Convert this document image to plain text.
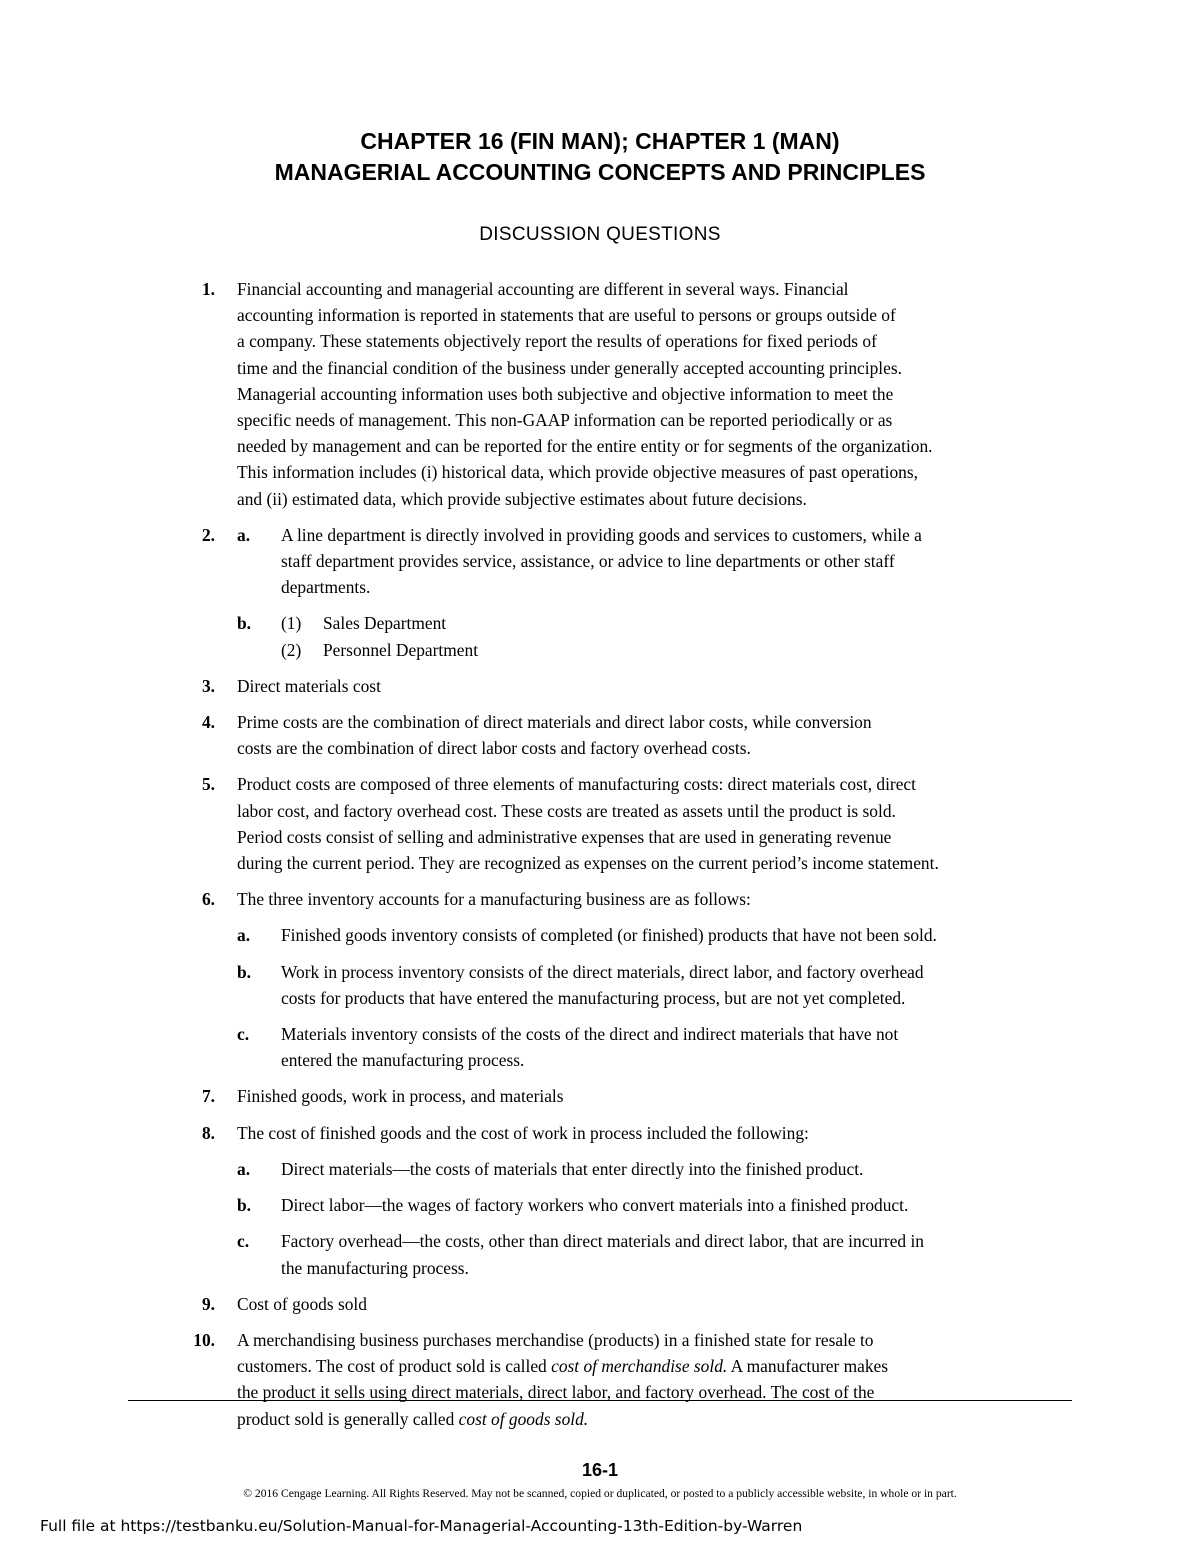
CHAPTER 16 (FIN MAN); CHAPTER 1 (MAN)
MANAGERIAL ACCOUNTING CONCEPTS AND PRINCIPLES
DISCUSSION QUESTIONS
1. Financial accounting and managerial accounting are different in several ways. Financial
accounting information is reported in statements that are useful to persons or groups outside of
a company. These statements objectively report the results of operations for fixed periods of
time and the financial condition of the business under generally accepted accounting principles.
Managerial accounting information uses both subjective and objective information to meet the
specific needs of management. This non-GAAP information can be reported periodically or as
needed by management and can be reported for the entire entity or for segments of the organization.
This information includes (i) historical data, which provide objective measures of past operations,
and (ii) estimated data, which provide subjective estimates about future decisions.
2. a. A line department is directly involved in providing goods and services to customers, while a
staff department provides service, assistance, or advice to line departments or other staff
departments.
b. (1) Sales Department
(2) Personnel Department
3. Direct materials cost
4. Prime costs are the combination of direct materials and direct labor costs, while conversion
costs are the combination of direct labor costs and factory overhead costs.
5. Product costs are composed of three elements of manufacturing costs: direct materials cost, direct
labor cost, and factory overhead cost. These costs are treated as assets until the product is sold.
Period costs consist of selling and administrative expenses that are used in generating revenue
during the current period. They are recognized as expenses on the current period’s income statement.
6. The three inventory accounts for a manufacturing business are as follows:
a. Finished goods inventory consists of completed (or finished) products that have not been sold.
b. Work in process inventory consists of the direct materials, direct labor, and factory overhead
costs for products that have entered the manufacturing process, but are not yet completed.
c. Materials inventory consists of the costs of the direct and indirect materials that have not
entered the manufacturing process.
7. Finished goods, work in process, and materials
8. The cost of finished goods and the cost of work in process included the following:
a. Direct materials—the costs of materials that enter directly into the finished product.
b. Direct labor—the wages of factory workers who convert materials into a finished product.
c. Factory overhead—the costs, other than direct materials and direct labor, that are incurred in
the manufacturing process.
9. Cost of goods sold
10. A merchandising business purchases merchandise (products) in a finished state for resale to
customers. The cost of product sold is called cost of merchandise sold. A manufacturer makes
the product it sells using direct materials, direct labor, and factory overhead. The cost of the
product sold is generally called cost of goods sold.
16-1
© 2016 Cengage Learning. All Rights Reserved. May not be scanned, copied or duplicated, or posted to a publicly accessible website, in whole or in part.
Full file at https://testbanku.eu/Solution-Manual-for-Managerial-Accounting-13th-Edition-by-Warren
